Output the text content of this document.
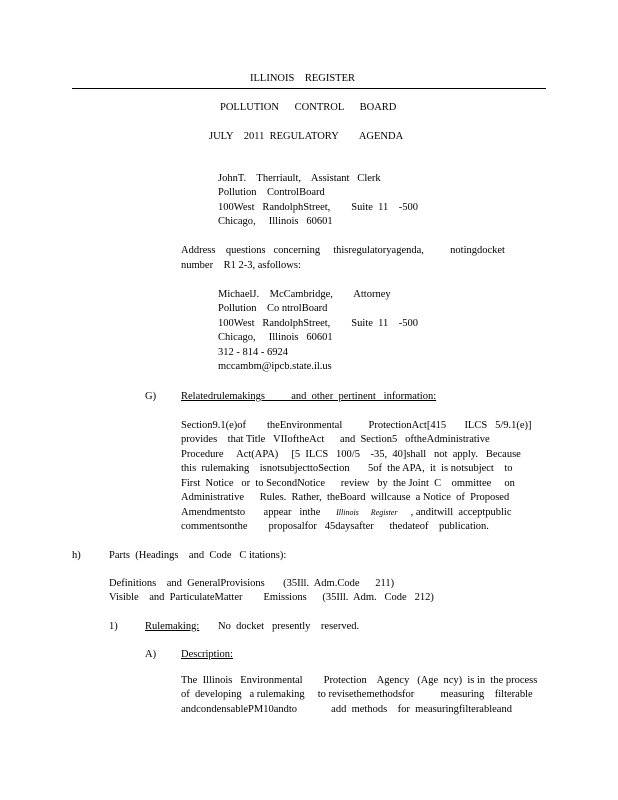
ILLINOIS    REGISTER
POLLUTION      CONTROL      BOARD
JULY    2011  REGULATORY        AGENDA
JohnT.    Therriault,    Assistant   Clerk
Pollution    ControlBoard
100West   RandolphStreet,        Suite  11    -500
Chicago,     Illinois   60601
Address    questions   concerning     thisregulatoryagenda,          notingdocket
number    R1 2-3, asfollows:
MichaelJ.    McCambridge,        Attorney
Pollution    Co ntrolBoard
100West   RandolphStreet,        Suite  11    -500
Chicago,     Illinois   60601
312 - 814 - 6924
mccambm@ipcb.state.il.us
G) Relatedrulemakings          and  other  pertinent   information:
Section9.1(e)of        theEnvironmental          ProtectionAct[415       ILCS   5/9.1(e)]
provides    that Title   VIIoftheAct      and  Section5   oftheAdministrative
Procedure     Act(APA)     [5  ILCS   100/5    -35,  40]shall   not  apply.   Because
this  rulemaking    isnotsubjecttoSection       5of  the APA,  it  is notsubject    to
First  Notice   or  to SecondNotice      review   by  the Joint  C    ommittee     on
Administrative      Rules.  Rather,  theBoard  willcause  a Notice  of  Proposed
Amendmentsto       appear   inthe Illinois      Register , anditwill  acceptpublic
commentsonthe        proposalfor   45daysafter      thedateof    publication.
h)	Parts  (Headings    and  Code   C itations):
Definitions    and  GeneralProvisions       (35Ill.  Adm.Code      211)
Visible    and  ParticulateMatter        Emissions      (35Ill.  Adm.   Code   212)
1)	Rulemaking: No  docket   presently    reserved.
A) Description:
The  Illinois   Environmental        Protection    Agency   (Age  ncy)  is in  the process
of  developing   a rulemaking     to revisethemethodsfor          measuring    filterable
andcondensablePM10andto             add  methods    for  measuringfilterableand
